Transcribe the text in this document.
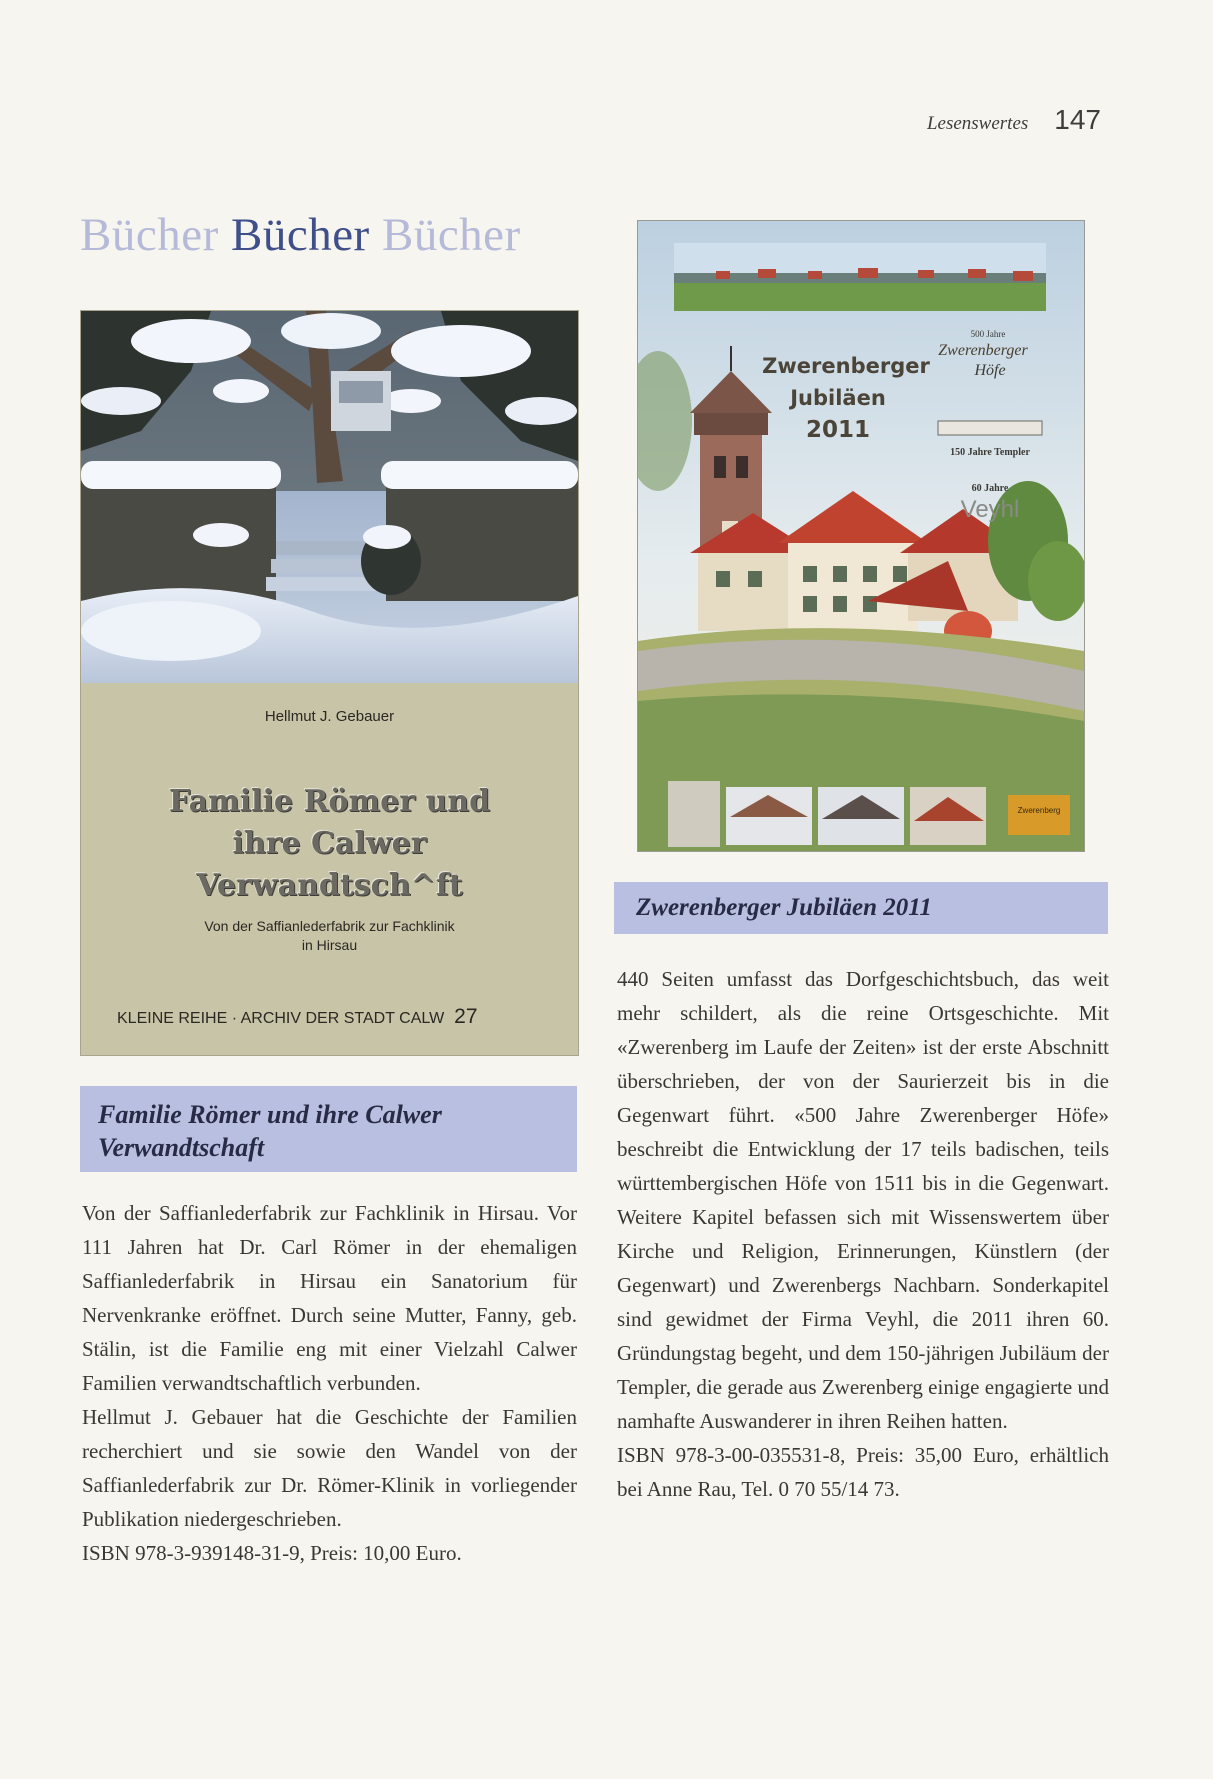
Lesenswertes 147
Bücher Bücher Bücher
Hellmut J. Gebauer
Familie Römer und
ihre Calwer
Verwandtsch^ft
Von der Saffianlederfabrik zur Fachklinik
in Hirsau
KLEINE REIHE · ARCHIV DER STADT CALW 27
Zwerenberg
Zwerenberger
Jubiläen
2011
500 Jahre
Zwerenberger
Höfe
150 Jahre Templer
60 Jahre
Veyhl
Familie Römer und ihre Calwer
Verwandtschaft
Zwerenberger Jubiläen 2011

Von der Saffianlederfabrik zur Fachklinik in Hirsau. Vor 111 Jahren hat Dr. Carl Römer in der ehemaligen Saffianlederfabrik in Hirsau ein Sanatorium für Nervenkranke eröffnet. Durch seine Mutter, Fanny, geb. Stälin, ist die Familie eng mit einer Vielzahl Calwer Familien verwandtschaftlich verbunden.

Hellmut J. Gebauer hat die Geschichte der Familien recherchiert und sie sowie den Wandel von der Saffianlederfabrik zur Dr. Römer-Klinik in vorliegender Publikation niedergeschrieben.

ISBN 978-3-939148-31-9, Preis: 10,00 Euro.

440 Seiten umfasst das Dorfgeschichtsbuch, das weit mehr schildert, als die reine Ortsgeschichte. Mit «Zwerenberg im Laufe der Zeiten» ist der erste Abschnitt überschrieben, der von der Saurierzeit bis in die Gegenwart führt. «500 Jahre Zwerenberger Höfe» beschreibt die Entwicklung der 17 teils badischen, teils württembergischen Höfe von 1511 bis in die Gegenwart. Weitere Kapitel befassen sich mit Wissenswertem über Kirche und Religion, Erinnerungen, Künstlern (der Gegenwart) und Zwerenbergs Nachbarn. Sonderkapitel sind gewidmet der Firma Veyhl, die 2011 ihren 60. Gründungstag begeht, und dem 150-jährigen Jubiläum der Templer, die gerade aus Zwerenberg einige engagierte und namhafte Auswanderer in ihren Reihen hatten.

ISBN 978-3-00-035531-8, Preis: 35,00 Euro, erhältlich bei Anne Rau, Tel. 0 70 55/14 73.
